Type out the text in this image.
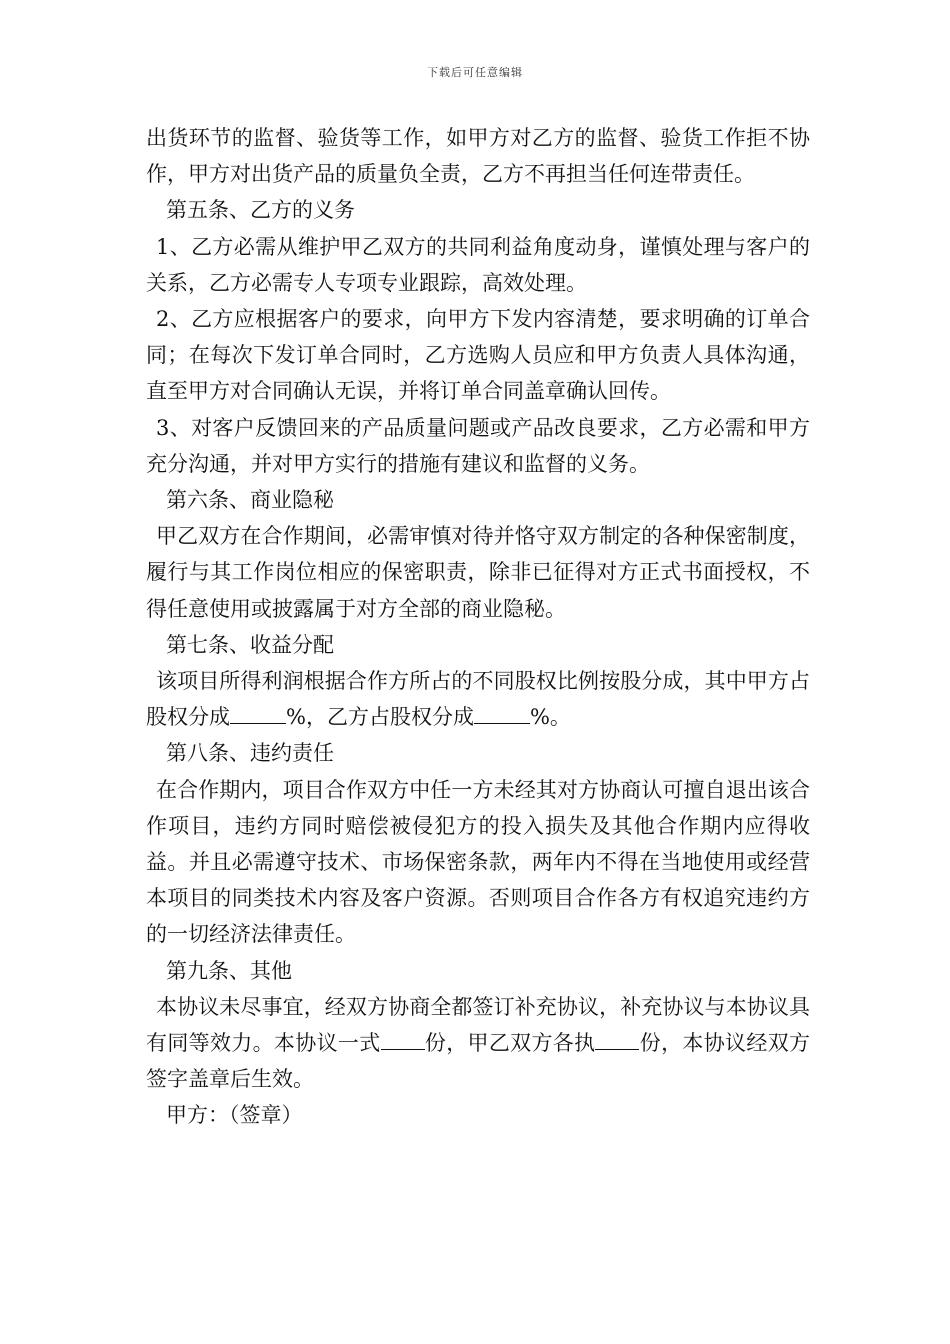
下载后可任意编辑

出货环节的监督、验货等工作，如甲方对乙方的监督、验货工作拒不协作，甲方对出货产品的质量负全责，乙方不再担当任何连带责任。

第五条、乙方的义务

1、乙方必需从维护甲乙双方的共同利益角度动身，谨慎处理与客户的关系，乙方必需专人专项专业跟踪，高效处理。

2、乙方应根据客户的要求，向甲方下发内容清楚，要求明确的订单合同；在每次下发订单合同时，乙方选购人员应和甲方负责人具体沟通，直至甲方对合同确认无误，并将订单合同盖章确认回传。

3、对客户反馈回来的产品质量问题或产品改良要求，乙方必需和甲方充分沟通，并对甲方实行的措施有建议和监督的义务。

第六条、商业隐秘

甲乙双方在合作期间，必需审慎对待并恪守双方制定的各种保密制度，履行与其工作岗位相应的保密职责，除非已征得对方正式书面授权，不得任意使用或披露属于对方全部的商业隐秘。

第七条、收益分配

该项目所得利润根据合作方所占的不同股权比例按股分成，其中甲方占股权分成	%，乙方占股权分成	%。

第八条、违约责任

在合作期内，项目合作双方中任一方未经其对方协商认可擅自退出该合作项目，违约方同时赔偿被侵犯方的投入损失及其他合作期内应得收益。并且必需遵守技术、市场保密条款，两年内不得在当地使用或经营本项目的同类技术内容及客户资源。否则项目合作各方有权追究违约方的一切经济法律责任。

第九条、其他

本协议未尽事宜，经双方协商全都签订补充协议，补充协议与本协议具有同等效力。本协议一式 份，甲乙双方各执 份，本协议经双方签字盖章后生效。

甲方：（签章）
